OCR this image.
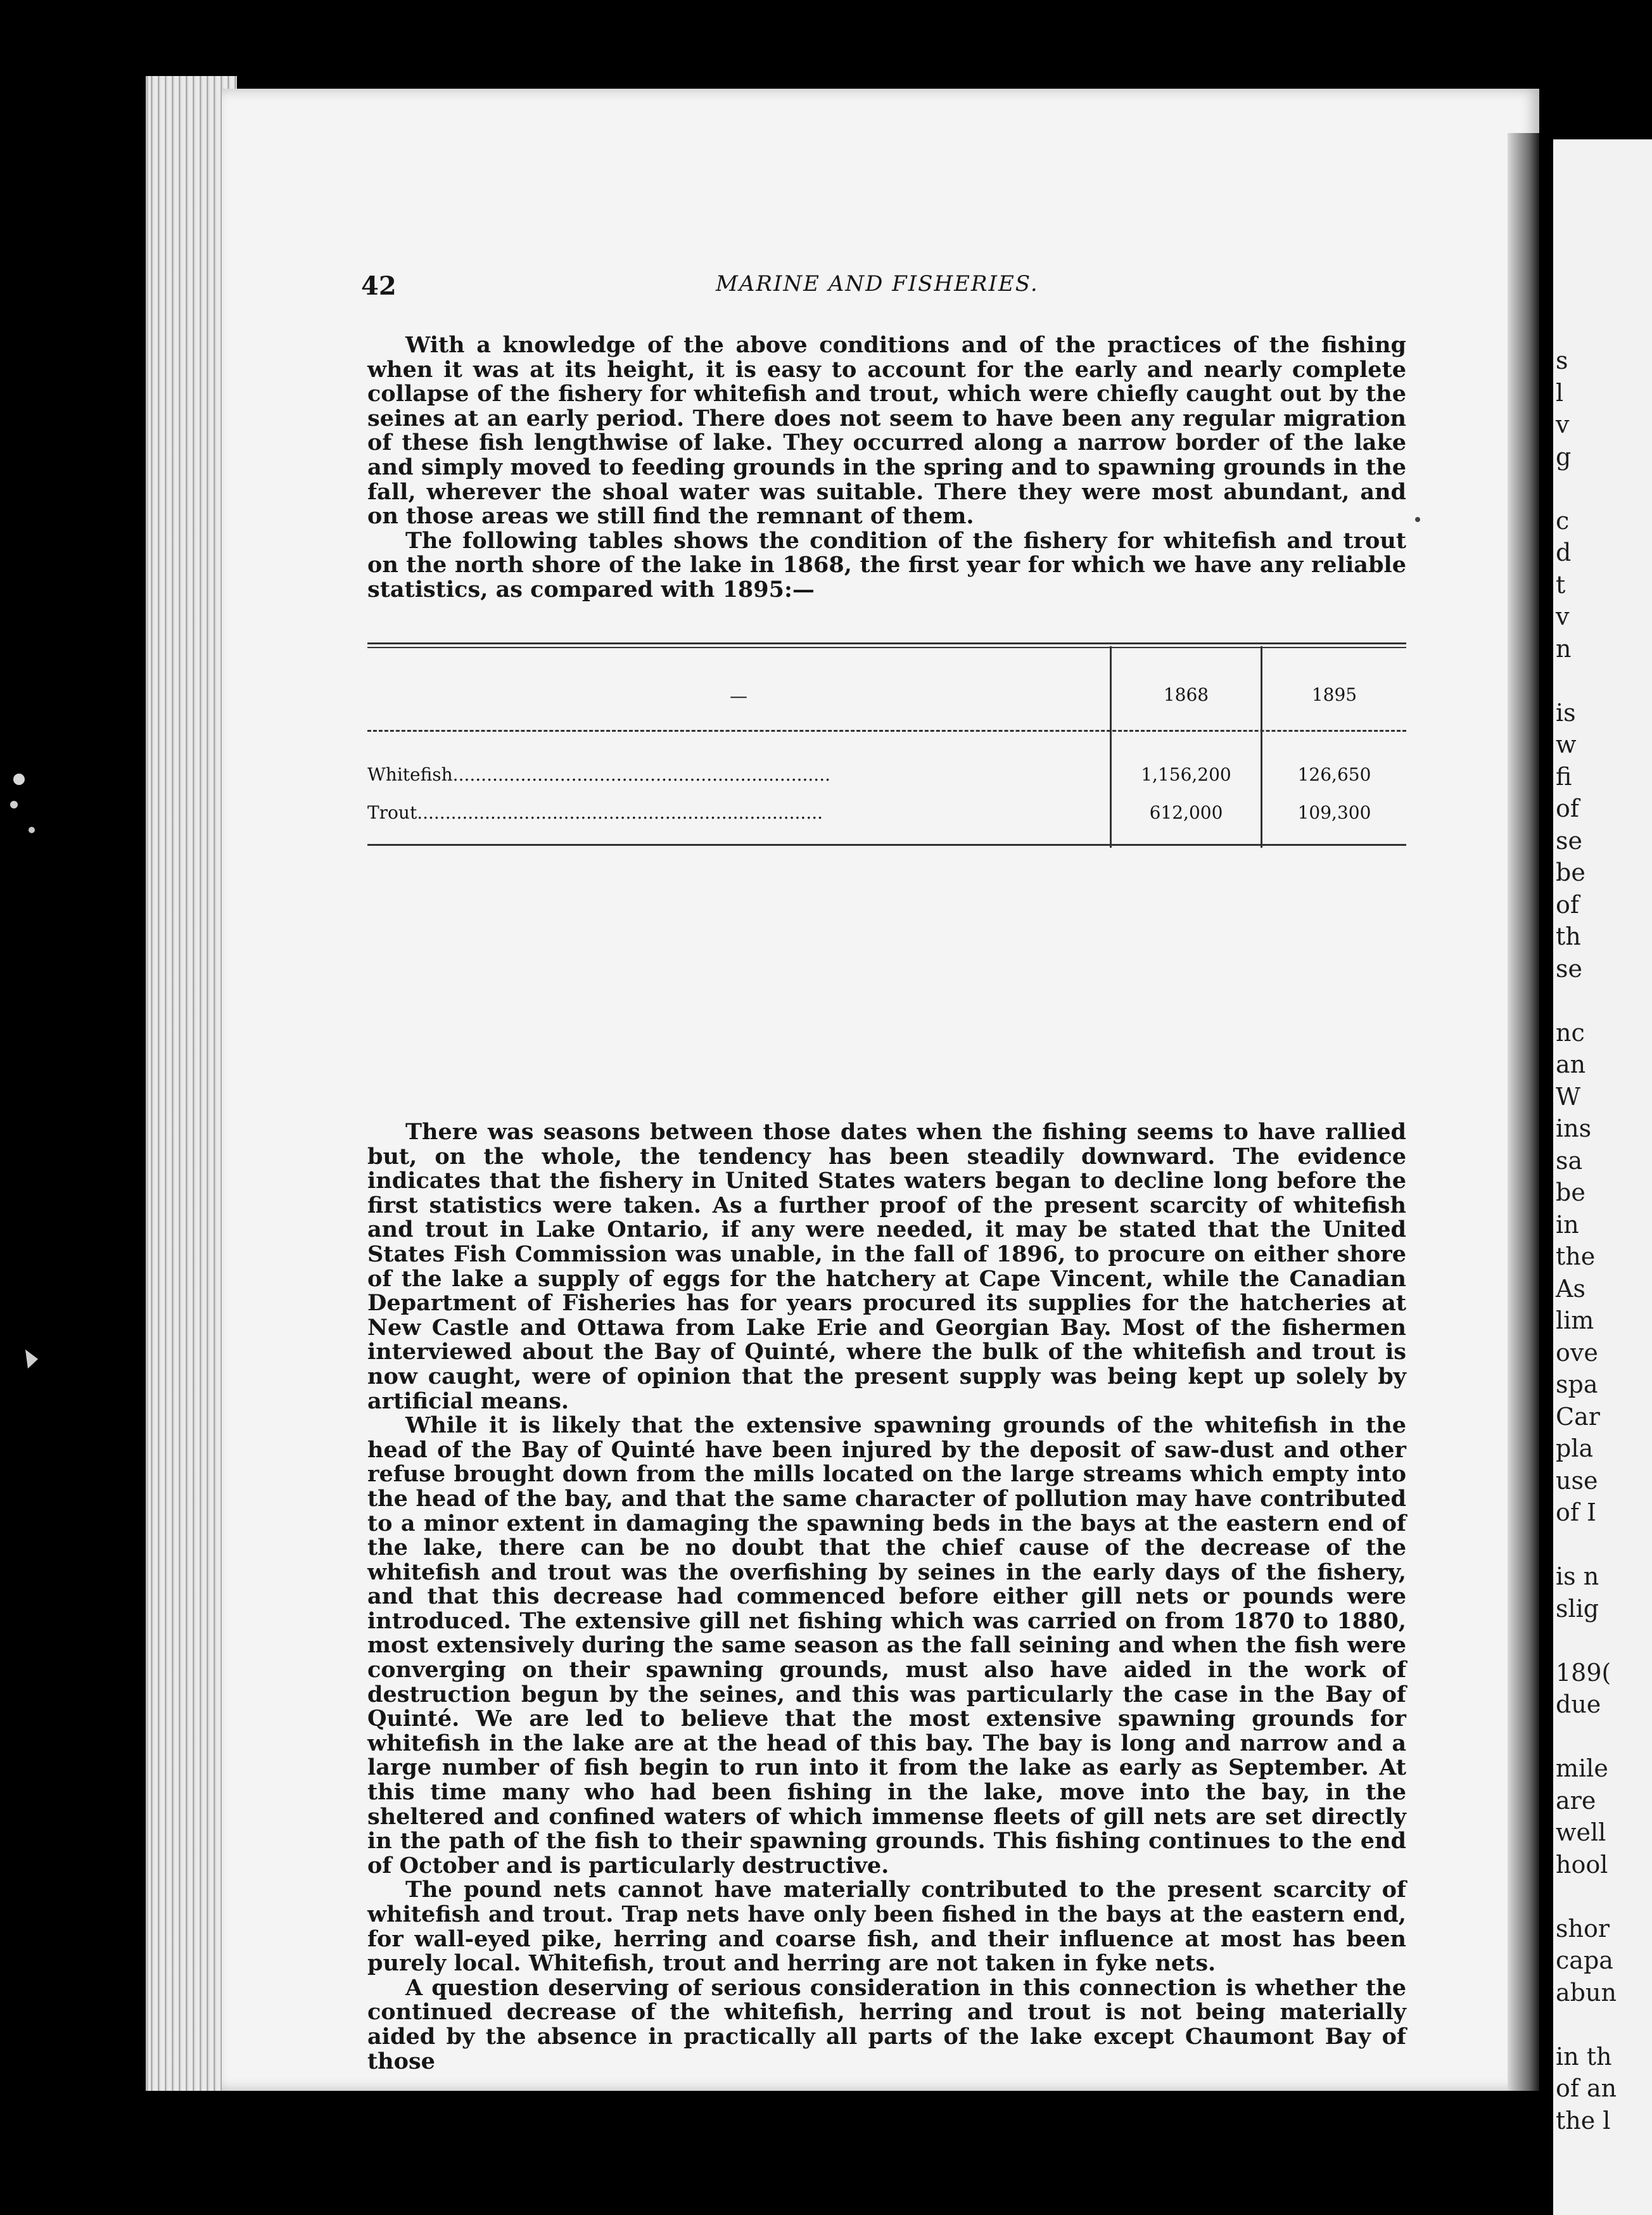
s
l
v
g
c
d
t
v
n
is
w
fi
of
se
be
of
th
se
nc
an
W
ins
sa
be
in
the
As
lim
ove
spa
Car
pla
use
of I
is n
slig
189(
due
mile
are
well
hool
shor
capa
abun
in th
of an
the l
42	MARINE AND FISHERIES.

With a knowledge of the above conditions and of the practices of the fishing when it was at its height, it is easy to account for the early and nearly complete collapse of the fishery for whitefish and trout, which were chiefly caught out by the seines at an early period. There does not seem to have been any regular migration of these fish lengthwise of lake. They occurred along a narrow border of the lake and simply moved to feeding grounds in the spring and to spawning grounds in the fall, wherever the shoal water was suitable. There they were most abundant, and on those areas we still find the remnant of them.

The following tables shows the condition of the fishery for whitefish and trout on the north shore of the lake in 1868, the first year for which we have any reliable statistics, as compared with 1895:—

—	1868	1895
Whitefish...................................................................	1,156,200	126,650
Trout........................................................................	612,000	109,300

There was seasons between those dates when the fishing seems to have rallied but, on the whole, the tendency has been steadily downward. The evidence indicates that the fishery in United States waters began to decline long before the first statistics were taken. As a further proof of the present scarcity of whitefish and trout in Lake Ontario, if any were needed, it may be stated that the United States Fish Commission was unable, in the fall of 1896, to procure on either shore of the lake a supply of eggs for the hatchery at Cape Vincent, while the Canadian Department of Fisheries has for years procured its supplies for the hatcheries at New Castle and Ottawa from Lake Erie and Georgian Bay. Most of the fishermen interviewed about the Bay of Quinté, where the bulk of the whitefish and trout is now caught, were of opinion that the present supply was being kept up solely by artificial means.

While it is likely that the extensive spawning grounds of the whitefish in the head of the Bay of Quinté have been injured by the deposit of saw-dust and other refuse brought down from the mills located on the large streams which empty into the head of the bay, and that the same character of pollution may have contributed to a minor extent in damaging the spawning beds in the bays at the eastern end of the lake, there can be no doubt that the chief cause of the decrease of the whitefish and trout was the overfishing by seines in the early days of the fishery, and that this decrease had commenced before either gill nets or pounds were introduced. The extensive gill net fishing which was carried on from 1870 to 1880, most extensively during the same season as the fall seining and when the fish were converging on their spawning grounds, must also have aided in the work of destruction begun by the seines, and this was particularly the case in the Bay of Quinté. We are led to believe that the most extensive spawning grounds for whitefish in the lake are at the head of this bay. The bay is long and narrow and a large number of fish begin to run into it from the lake as early as September. At this time many who had been fishing in the lake, move into the bay, in the sheltered and confined waters of which immense fleets of gill nets are set directly in the path of the fish to their spawning grounds. This fishing continues to the end of October and is particularly destructive.

The pound nets cannot have materially contributed to the present scarcity of whitefish and trout. Trap nets have only been fished in the bays at the eastern end, for wall-eyed pike, herring and coarse fish, and their influence at most has been purely local. Whitefish, trout and herring are not taken in fyke nets.

A question deserving of serious consideration in this connection is whether the continued decrease of the whitefish, herring and trout is not being materially aided by the absence in practically all parts of the lake except Chaumont Bay of those
